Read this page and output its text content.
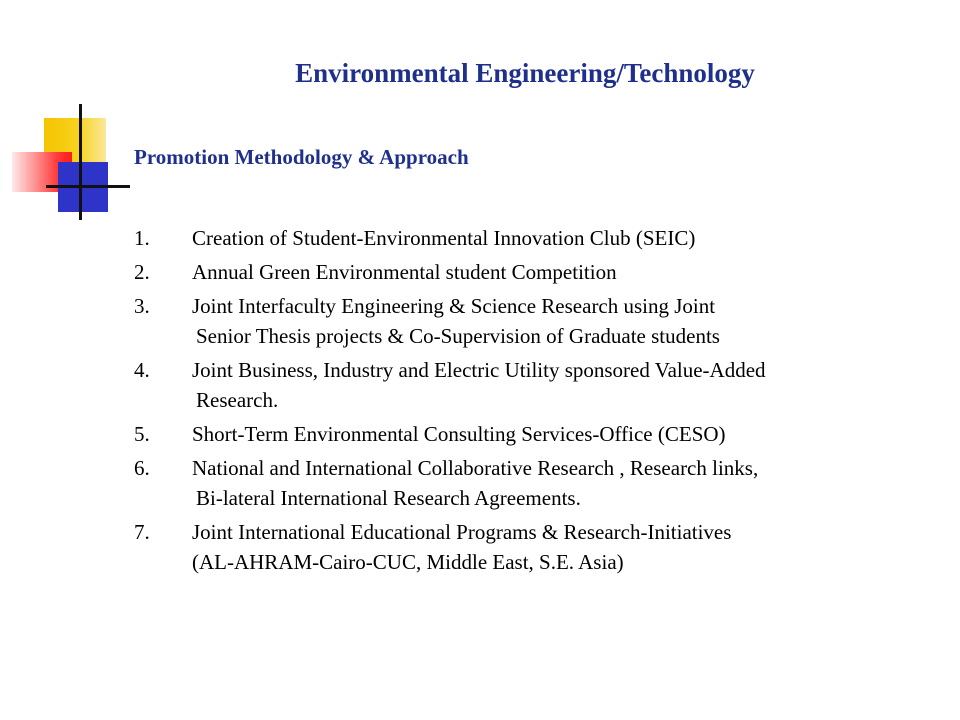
Environmental Engineering/Technology
Promotion Methodology & Approach
1. Creation of Student-Environmental Innovation Club (SEIC)
2. Annual Green Environmental student Competition
3. Joint Interfaculty Engineering & Science Research using Joint
Senior Thesis projects & Co-Supervision of Graduate students
4. Joint Business, Industry and Electric Utility sponsored Value-Added
Research.
5. Short-Term Environmental Consulting Services-Office (CESO)
6. National and International Collaborative Research , Research links,
Bi-lateral International Research Agreements.
7. Joint International Educational Programs & Research-Initiatives
(AL-AHRAM-Cairo-CUC, Middle East, S.E. Asia)
